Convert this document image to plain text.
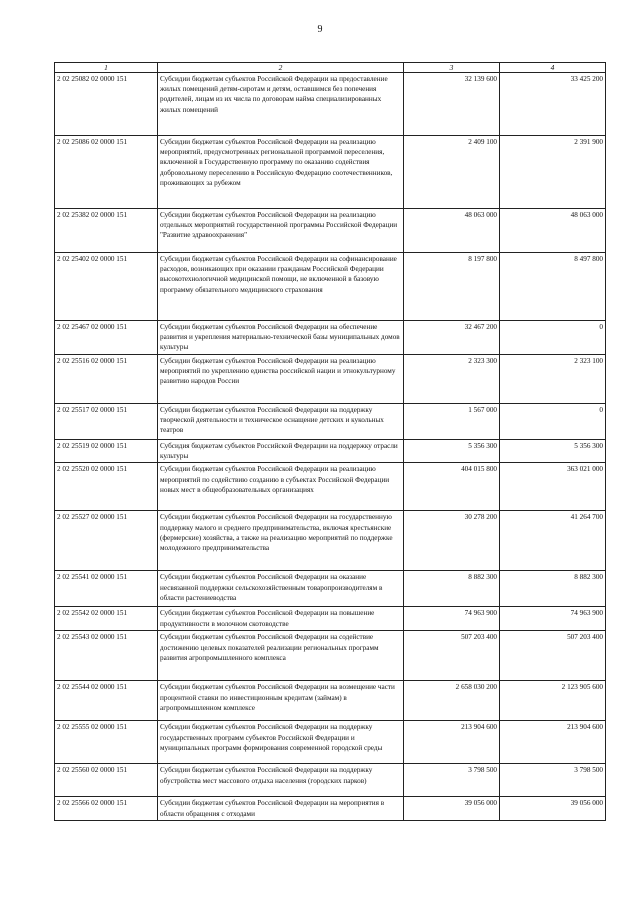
9
1	2	3	4
2 02 25082 02 0000 151	Субсидии бюджетам субъектов Российской Федерации на предоставление жилых помещений детям-сиротам и детям, оставшимся без попечения родителей, лицам из их числа по договорам найма специализированных жилых помещений	32 139 600	33 425 200
2 02 25086 02 0000 151	Субсидии бюджетам субъектов Российской Федерации на реализацию мероприятий, предусмотренных региональной программой переселения, включенной в Государственную программу по оказанию содействия добровольному переселению в Российскую Федерацию соотечественников, проживающих за рубежом	2 409 100	2 391 900
2 02 25382 02 0000 151	Субсидии бюджетам субъектов Российской Федерации на реализацию отдельных мероприятий государственной программы Российской Федерации "Развитие здравоохранения"	48 063 000	48 063 000
2 02 25402 02 0000 151	Субсидии бюджетам субъектов Российской Федерации на софинансирование расходов, возникающих при оказании гражданам Российской Федерации высокотехнологичной медицинской помощи, не включенной в базовую программу обязательного медицинского страхования	8 197 800	8 497 800
2 02 25467 02 0000 151	Субсидии бюджетам субъектов Российской Федерации на обеспечение развития и укрепления материально-технической базы муниципальных домов культуры	32 467 200	0
2 02 25516 02 0000 151	Субсидии бюджетам субъектов Российской Федерации на реализацию мероприятий по укреплению единства российской нации и этнокультурному развитию народов России	2 323 300	2 323 100
2 02 25517 02 0000 151	Субсидии бюджетам субъектов Российской Федерации на поддержку творческой деятельности и техническое оснащение детских и кукольных театров	1 567 000	0
2 02 25519 02 0000 151	Субсидия бюджетам субъектов Российской Федерации на поддержку отрасли культуры	5 356 300	5 356 300
2 02 25520 02 0000 151	Субсидии бюджетам субъектов Российской Федерации на реализацию мероприятий по содействию созданию в субъектах Российской Федерации новых мест в общеобразовательных организациях	404 015 800	363 021 000
2 02 25527 02 0000 151	Субсидии бюджетам субъектов Российской Федерации на государственную поддержку малого и среднего предпринимательства, включая крестьянские (фермерские) хозяйства, а также на реализацию мероприятий по поддержке молодежного предпринимательства	30 278 200	41 264 700
2 02 25541 02 0000 151	Субсидии бюджетам субъектов Российской Федерации на оказание несвязанной поддержки сельскохозяйственным товаропроизводителям в области растениеводства	8 882 300	8 882 300
2 02 25542 02 0000 151	Субсидии бюджетам субъектов Российской Федерации на повышение продуктивности в молочном скотоводстве	74 963 900	74 963 900
2 02 25543 02 0000 151	Субсидии бюджетам субъектов Российской Федерации на содействие достижению целевых показателей реализации региональных программ развития агропромышленного комплекса	507 203 400	507 203 400
2 02 25544 02 0000 151	Субсидии бюджетам субъектов Российской Федерации на возмещение части процентной ставки по инвестиционным кредитам (займам) в агропромышленном комплексе	2 658 030 200	2 123 905 600
2 02 25555 02 0000 151	Субсидии бюджетам субъектов Российской Федерации на поддержку государственных программ субъектов Российской Федерации и муниципальных программ формирования современной городской среды	213 904 600	213 904 600
2 02 25560 02 0000 151	Субсидии бюджетам субъектов Российской Федерации на поддержку обустройства мест массового отдыха населения (городских парков)	3 798 500	3 798 500
2 02 25566 02 0000 151	Субсидии бюджетам субъектов Российской Федерации на мероприятия в области обращения с отходами	39 056 000	39 056 000
